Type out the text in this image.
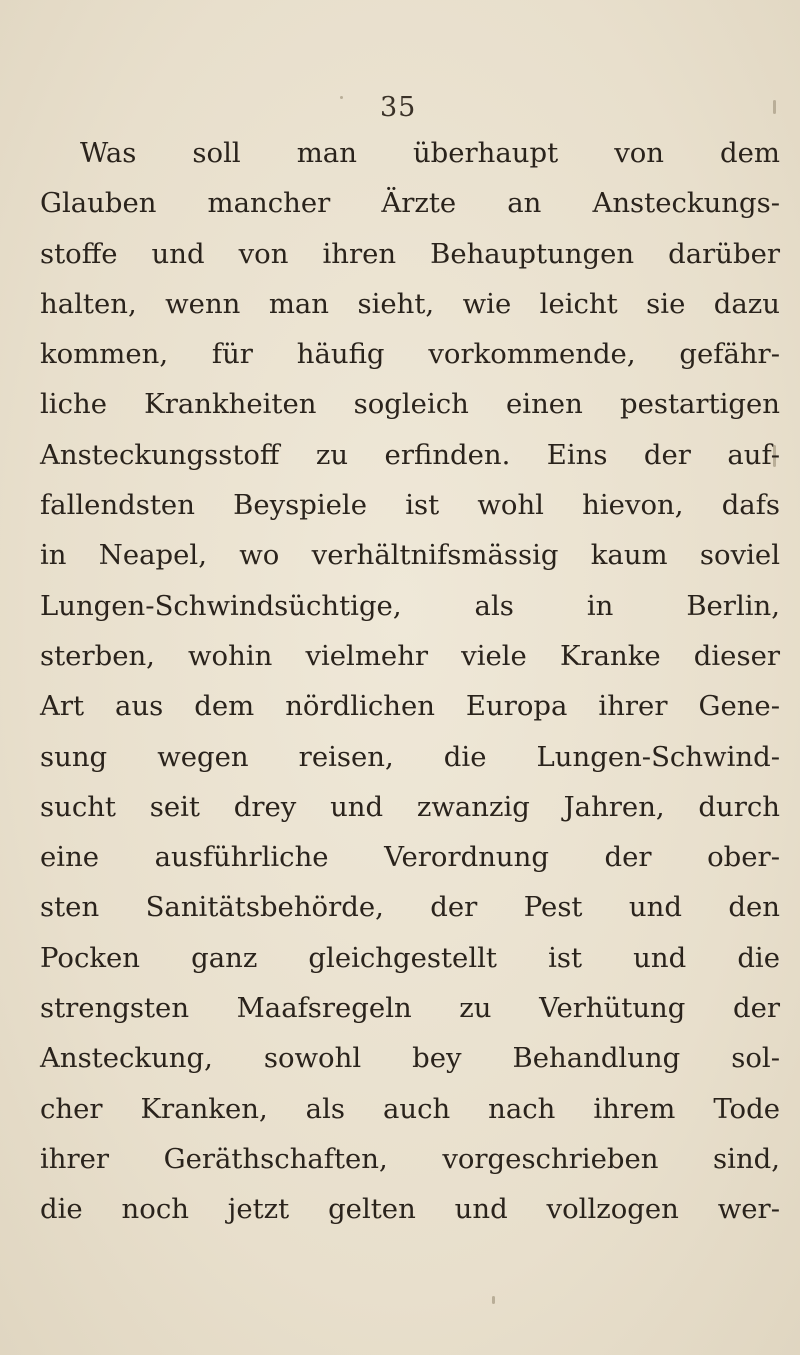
35
Was soll man überhaupt von dem
Glauben mancher Ärzte an Ansteckungs-
stoffe und von ihren Behauptungen darüber
halten, wenn man sieht, wie leicht sie dazu
kommen, für häufig vorkommende, gefähr-
liche Krankheiten sogleich einen pestartigen
Ansteckungsstoff zu erfinden. Eins der auf-
fallendsten Beyspiele ist wohl hievon, dafs
in Neapel, wo verhältnifsmässig kaum soviel
Lungen-Schwindsüchtige, als in Berlin,
sterben, wohin vielmehr viele Kranke dieser
Art aus dem nördlichen Europa ihrer Gene-
sung wegen reisen, die Lungen-Schwind-
sucht seit drey und zwanzig Jahren, durch
eine ausführliche Verordnung der ober-
sten Sanitätsbehörde, der Pest und den
Pocken ganz gleichgestellt ist und die
strengsten Maafsregeln zu Verhütung der
Ansteckung, sowohl bey Behandlung sol-
cher Kranken, als auch nach ihrem Tode
ihrer Geräthschaften, vorgeschrieben sind,
die noch jetzt gelten und vollzogen wer-
